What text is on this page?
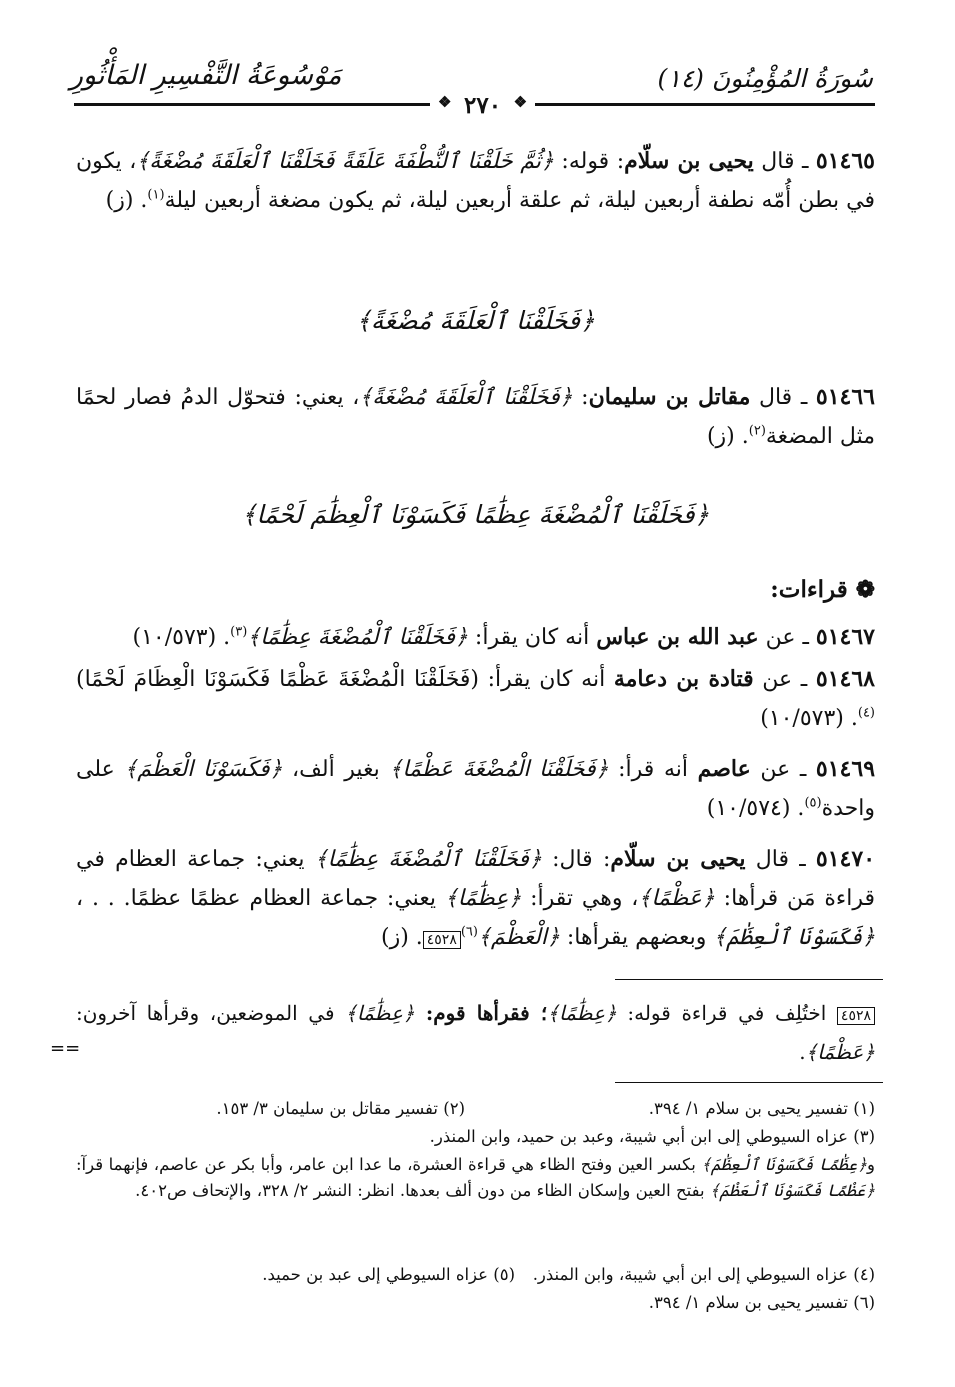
سُورَةُ المُؤْمِنُونَ (١٤)
مَوْسُوعَةُ التَّفْسِيرِ المَأْثُورِ
❖ ٢٧٠ ❖
٥١٤٦٥ ـ قال يحيى بن سلّام: قوله: ﴿ثُمَّ خَلَقْنَا ٱلنُّطْفَةَ عَلَقَةً فَخَلَقْنَا ٱلْعَلَقَةَ مُضْغَةً﴾، يكون في بطن أُمّه نطفة أربعين ليلة، ثم علقة أربعين ليلة، ثم يكون مضغة أربعين ليلة$^{(١)}$. (ز)
﴿فَخَلَقْنَا ٱلْعَلَقَةَ مُضْغَةً﴾
٥١٤٦٦ ـ قال مقاتل بن سليمان: ﴿فَخَلَقْنَا ٱلْعَلَقَةَ مُضْغَةً﴾، يعني: فتحوّل الدمُ فصار لحمًا مثل المضغة$^{(٢)}$. (ز)
﴿فَخَلَقْنَا ٱلْمُضْغَةَ عِظَٰمًا فَكَسَوْنَا ٱلْعِظَٰمَ لَحْمًا﴾
❁ قراءات:
٥١٤٦٧ ـ عن عبد الله بن عباس أنه كان يقرأ: ﴿فَخَلَقْنَا ٱلْمُضْغَةَ عِظَٰمًا﴾$^{(٣)}$. (١٠/٥٧٣)
٥١٤٦٨ ـ عن قتادة بن دعامة أنه كان يقرأ: (فَخَلَقْنَا الْمُضْغَةَ عَظْمًا فَكَسَوْنَا الْعِظَامَ لَحْمًا)$^{(٤)}$. (١٠/٥٧٣)
٥١٤٦٩ ـ عن عاصم أنه قرأ: ﴿فَخَلَقْنَا الْمُضْغَةَ عَظْمًا﴾ بغير ألف، ﴿فَكَسَوْنَا الْعَظْمَ﴾ على واحدة$^{(٥)}$. (١٠/٥٧٤)
٥١٤٧٠ ـ قال يحيى بن سلّام: قال: ﴿فَخَلَقْنَا ٱلْمُضْغَةَ عِظَٰمًا﴾ يعني: جماعة العظام في قراءة مَن قرأها: ﴿عَظْمًا﴾، وهي تقرأ: ﴿عِظَٰمًا﴾ يعني: جماعة العظام عظمًا عظمًا. . . ، ﴿فَكَسَوْنَا ٱلْعِظَٰمَ﴾ وبعضهم يقرأها: ﴿الْعَظْمَ﴾$^{(٦)}$٤٥٢٨. (ز)
٤٥٢٨ اختُلِف في قراءة قوله: ﴿عِظَٰمًا﴾؛ فقرأها قوم: ﴿عِظَٰمًا﴾ في الموضعين، وقرأها آخرون: ﴿عَظْمًا﴾.
==
(١) تفسير يحيى بن سلام ١/ ٣٩٤.
(٢) تفسير مقاتل بن سليمان ٣/ ١٥٣.
(٣) عزاه السيوطي إلى ابن أبي شيبة، وعبد بن حميد، وابن المنذر.
و﴿عِظَٰمًا فَكَسَوْنَا ٱلْعِظَٰمَ﴾ بكسر العين وفتح الظاء هي قراءة العشرة، ما عدا ابن عامر، وأبا بكر عن عاصم، فإنهما قرآ: ﴿عَظْمًا فَكَسَوْنَا ٱلْعَظْمَ﴾ بفتح العين وإسكان الظاء من دون ألف بعدها. انظر: النشر ٢/ ٣٢٨، والإتحاف ص٤٠٢.
(٤) عزاه السيوطي إلى ابن أبي شيبة، وابن المنذر.
(٥) عزاه السيوطي إلى عبد بن حميد.
(٦) تفسير يحيى بن سلام ١/ ٣٩٤.
